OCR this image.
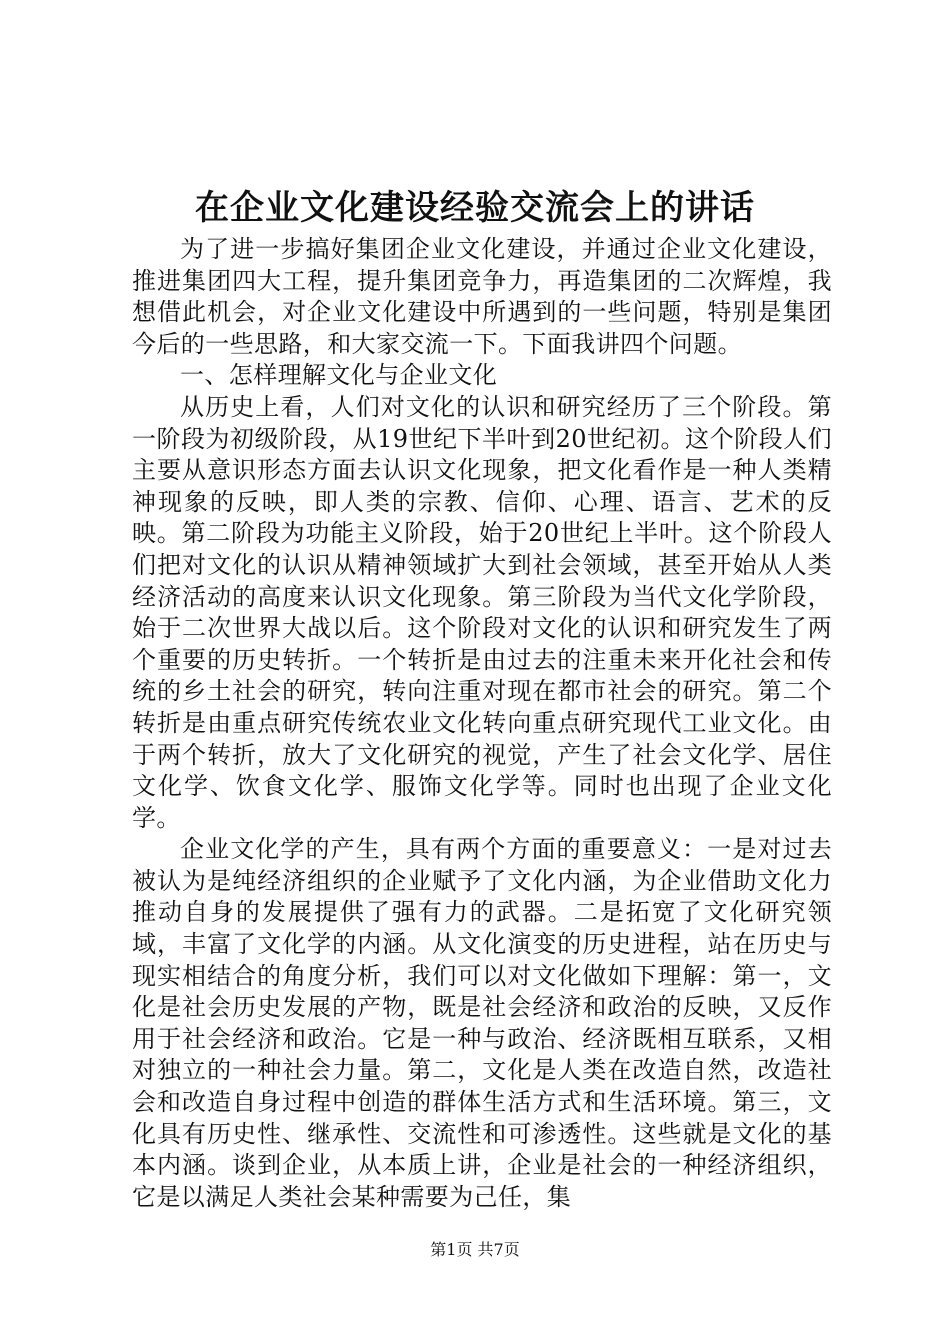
在企业文化建设经验交流会上的讲话

为了进一步搞好集团企业文化建设，并通过企业文化建设，推进集团四大工程，提升集团竞争力，再造集团的二次辉煌，我想借此机会，对企业文化建设中所遇到的一些问题，特别是集团今后的一些思路，和大家交流一下。下面我讲四个问题。

一、怎样理解文化与企业文化

从历史上看，人们对文化的认识和研究经历了三个阶段。第一阶段为初级阶段，从19世纪下半叶到20世纪初。这个阶段人们主要从意识形态方面去认识文化现象，把文化看作是一种人类精神现象的反映，即人类的宗教、信仰、心理、语言、艺术的反映。第二阶段为功能主义阶段，始于20世纪上半叶。这个阶段人们把对文化的认识从精神领域扩大到社会领域，甚至开始从人类经济活动的高度来认识文化现象。第三阶段为当代文化学阶段，始于二次世界大战以后。这个阶段对文化的认识和研究发生了两个重要的历史转折。一个转折是由过去的注重未来开化社会和传统的乡土社会的研究，转向注重对现在都市社会的研究。第二个转折是由重点研究传统农业文化转向重点研究现代工业文化。由于两个转折，放大了文化研究的视觉，产生了社会文化学、居住文化学、饮食文化学、服饰文化学等。同时也出现了企业文化学。

企业文化学的产生，具有两个方面的重要意义：一是对过去被认为是纯经济组织的企业赋予了文化内涵，为企业借助文化力推动自身的发展提供了强有力的武器。二是拓宽了文化研究领域，丰富了文化学的内涵。从文化演变的历史进程，站在历史与现实相结合的角度分析，我们可以对文化做如下理解：第一，文化是社会历史发展的产物，既是社会经济和政治的反映，又反作用于社会经济和政治。它是一种与政治、经济既相互联系，又相对独立的一种社会力量。第二，文化是人类在改造自然，改造社会和改造自身过程中创造的群体生活方式和生活环境。第三，文化具有历史性、继承性、交流性和可渗透性。这些就是文化的基本内涵。谈到企业，从本质上讲，企业是社会的一种经济组织，它是以满足人类社会某种需要为己任，集

第1页 共7页
